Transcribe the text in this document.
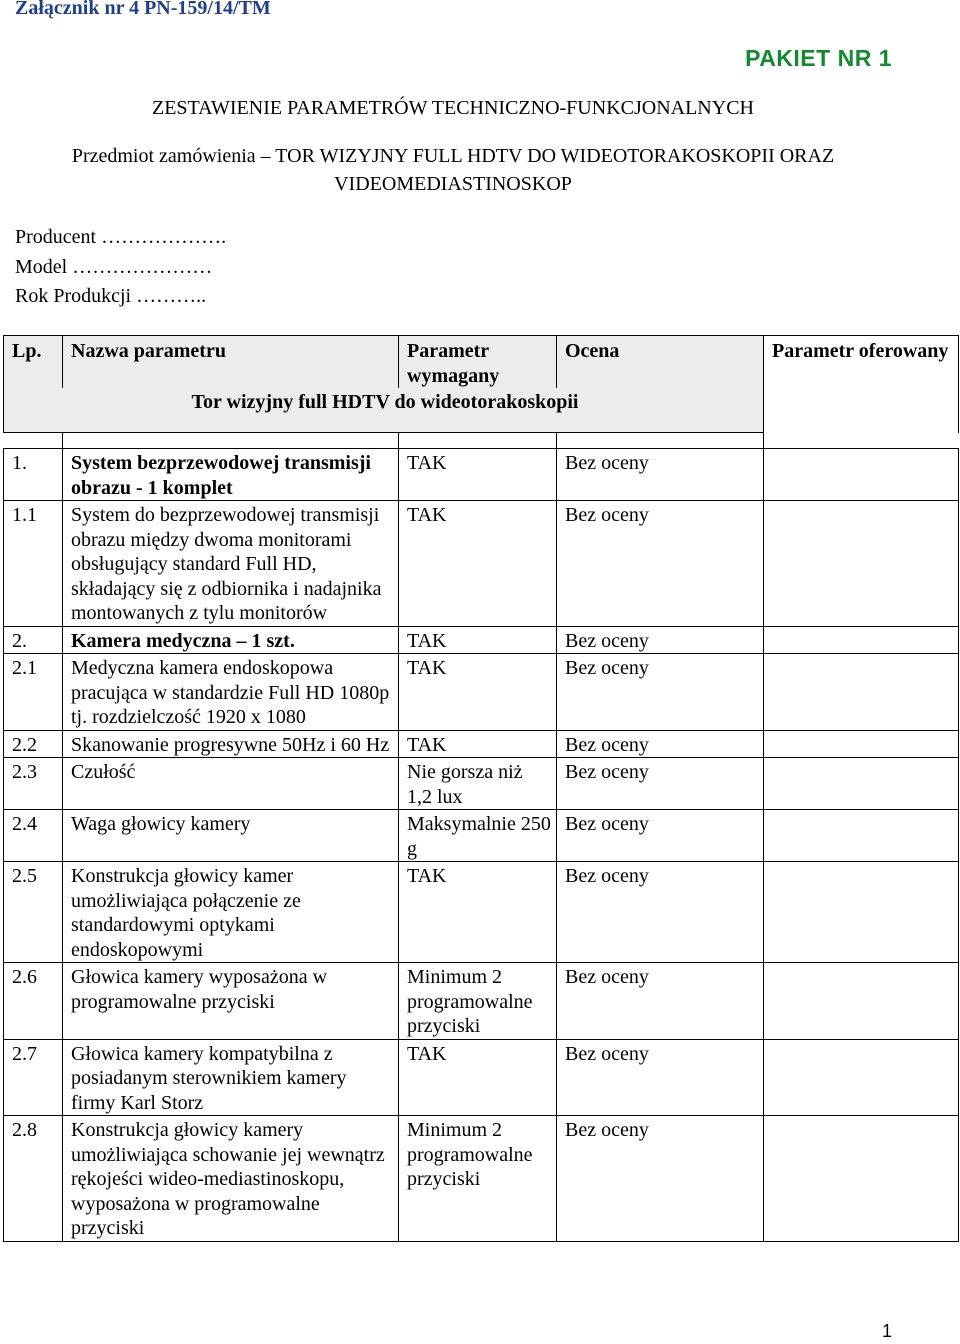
Załącznik nr 4 PN-159/14/TM
PAKIET NR 1
ZESTAWIENIE PARAMETRÓW TECHNICZNO-FUNKCJONALNYCH
Przedmiot zamówienia – TOR WIZYJNY FULL HDTV DO WIDEOTORAKOSKOPII ORAZ
VIDEOMEDIASTINOSKOP
Producent ……………….
Model …………………
Rok Produkcji ………..
Lp.	Nazwa parametru	Parametr wymagany	Ocena	Parametr oferowany
Tor wizyjny full HDTV do wideotorakoskopii				

1.	System bezprzewodowej transmisji obrazu - 1 komplet	TAK	Bez oceny	
1.1	System do bezprzewodowej transmisji obrazu między dwoma monitorami obsługujący standard Full HD, składający się z odbiornika i nadajnika montowanych z tylu monitorów	TAK	Bez oceny	
2.	Kamera medyczna – 1 szt.	TAK	Bez oceny	
2.1	Medyczna kamera endoskopowa pracująca w standardzie Full HD 1080p tj. rozdzielczość 1920 x 1080	TAK	Bez oceny	
2.2	Skanowanie progresywne 50Hz i 60 Hz	TAK	Bez oceny	
2.3	Czułość	Nie gorsza niż 1,2 lux	Bez oceny	
2.4	Waga głowicy kamery	Maksymalnie 250 g	Bez oceny	
2.5	Konstrukcja głowicy kamer umożliwiająca połączenie ze standardowymi optykami endoskopowymi	TAK	Bez oceny	
2.6	Głowica kamery wyposażona w programowalne przyciski	Minimum 2 programowalne przyciski	Bez oceny	
2.7	Głowica kamery kompatybilna z posiadanym sterownikiem kamery firmy Karl Storz	TAK	Bez oceny	
2.8	Konstrukcja głowicy kamery umożliwiająca schowanie jej wewnątrz rękojeści wideo-mediastinoskopu, wyposażona w programowalne przyciski	Minimum 2 programowalne przyciski	Bez oceny	
1
